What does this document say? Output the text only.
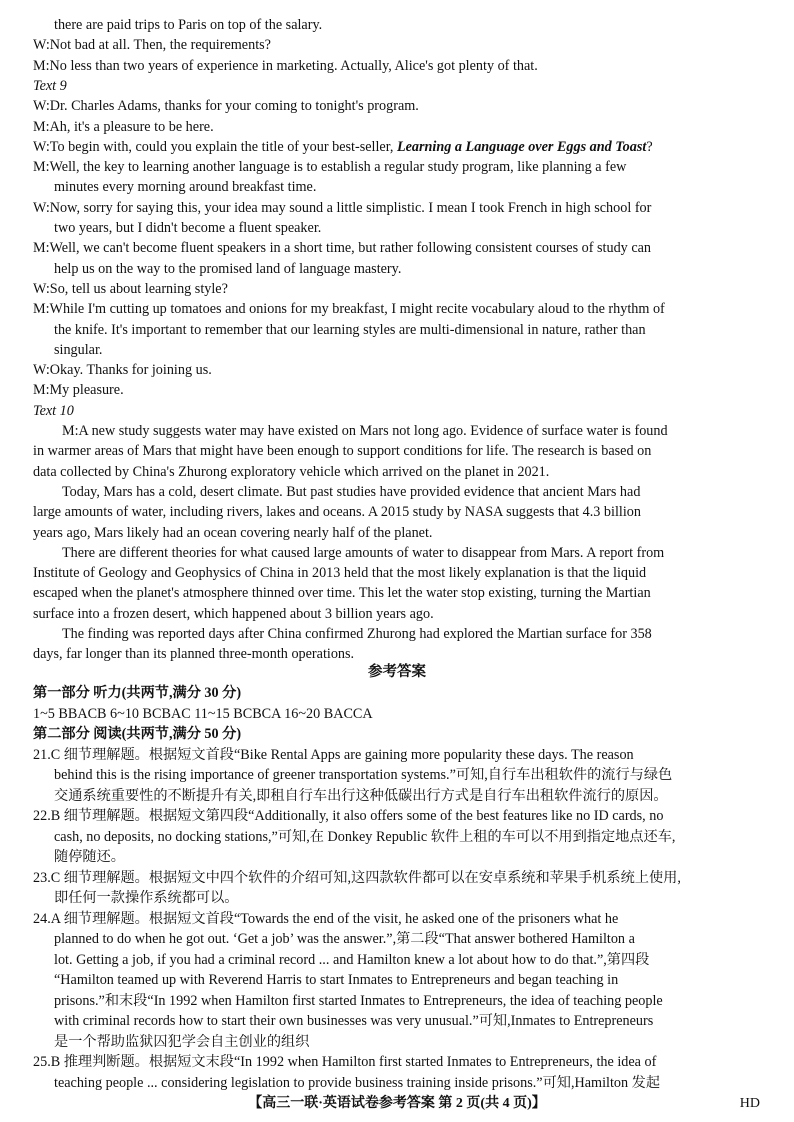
there are paid trips to Paris on top of the salary.
W:Not bad at all. Then, the requirements?
M:No less than two years of experience in marketing. Actually, Alice's got plenty of that.
Text 9
W:Dr. Charles Adams, thanks for your coming to tonight's program.
M:Ah, it's a pleasure to be here.
W:To begin with, could you explain the title of your best-seller, Learning a Language over Eggs and Toast?
M:Well, the key to learning another language is to establish a regular study program, like planning a few
minutes every morning around breakfast time.
W:Now, sorry for saying this, your idea may sound a little simplistic. I mean I took French in high school for
two years, but I didn't become a fluent speaker.
M:Well, we can't become fluent speakers in a short time, but rather following consistent courses of study can
help us on the way to the promised land of language mastery.
W:So, tell us about learning style?
M:While I'm cutting up tomatoes and onions for my breakfast, I might recite vocabulary aloud to the rhythm of
the knife. It's important to remember that our learning styles are multi-dimensional in nature, rather than
singular.
W:Okay. Thanks for joining us.
M:My pleasure.
Text 10
M:A new study suggests water may have existed on Mars not long ago. Evidence of surface water is found
in warmer areas of Mars that might have been enough to support conditions for life. The research is based on
data collected by China's Zhurong exploratory vehicle which arrived on the planet in 2021.
Today, Mars has a cold, desert climate. But past studies have provided evidence that ancient Mars had
large amounts of water, including rivers, lakes and oceans. A 2015 study by NASA suggests that 4.3 billion
years ago, Mars likely had an ocean covering nearly half of the planet.
There are different theories for what caused large amounts of water to disappear from Mars. A report from
Institute of Geology and Geophysics of China in 2013 held that the most likely explanation is that the liquid
escaped when the planet's atmosphere thinned over time. This let the water stop existing, turning the Martian
surface into a frozen desert, which happened about 3 billion years ago.
The finding was reported days after China confirmed Zhurong had explored the Martian surface for 358
days, far longer than its planned three-month operations.
参考答案
第一部分 听力(共两节,满分 30 分)
1~5 BBACB 6~10 BCBAC 11~15 BCBCA 16~20 BACCA
第二部分 阅读(共两节,满分 50 分)
21.C 细节理解题。根据短文首段“Bike Rental Apps are gaining more popularity these days. The reason
behind this is the rising importance of greener transportation systems.”可知,自行车出租软件的流行与绿色
交通系统重要性的不断提升有关,即租自行车出行这种低碳出行方式是自行车出租软件流行的原因。
22.B 细节理解题。根据短文第四段“Additionally, it also offers some of the best features like no ID cards, no
cash, no deposits, no docking stations,”可知,在 Donkey Republic 软件上租的车可以不用到指定地点还车,
随停随还。
23.C 细节理解题。根据短文中四个软件的介绍可知,这四款软件都可以在安卓系统和苹果手机系统上使用,
即任何一款操作系统都可以。
24.A 细节理解题。根据短文首段“Towards the end of the visit, he asked one of the prisoners what he
planned to do when he got out. ‘Get a job’ was the answer.”,第二段“That answer bothered Hamilton a
lot. Getting a job, if you had a criminal record ... and Hamilton knew a lot about how to do that.”,第四段
“Hamilton teamed up with Reverend Harris to start Inmates to Entrepreneurs and began teaching in
prisons.”和末段“In 1992 when Hamilton first started Inmates to Entrepreneurs, the idea of teaching people
with criminal records how to start their own businesses was very unusual.”可知,Inmates to Entrepreneurs
是一个帮助监狱囚犯学会自主创业的组织
25.B 推理判断题。根据短文末段“In 1992 when Hamilton first started Inmates to Entrepreneurs, the idea of
teaching people ... considering legislation to provide business training inside prisons.”可知,Hamilton 发起
【高三一联·英语试卷参考答案 第 2 页(共 4 页)】	HD
